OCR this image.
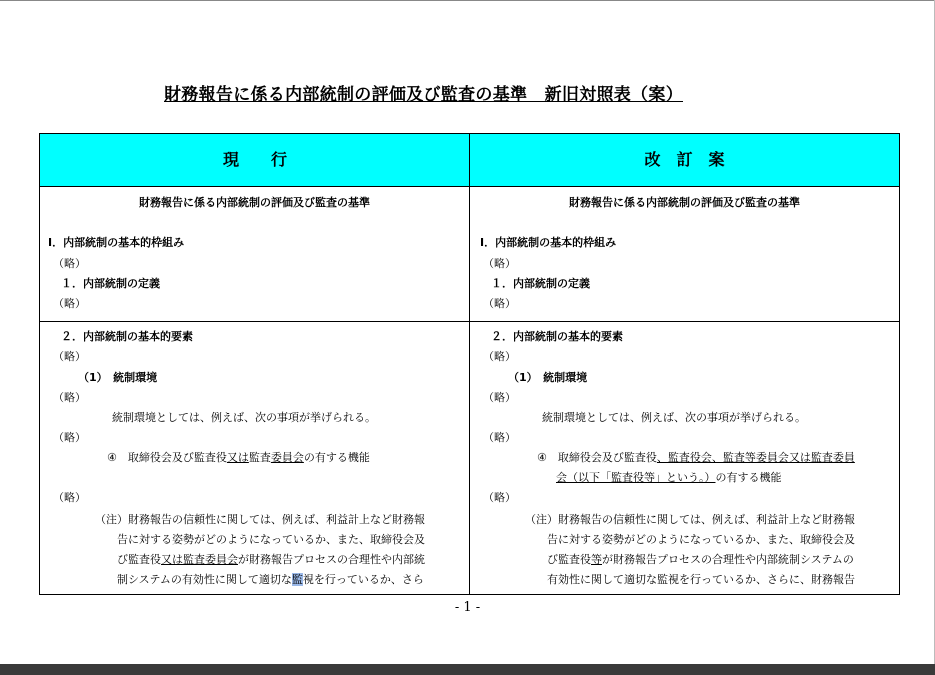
財務報告に係る内部統制の評価及び監査の基準　新旧対照表（案）
現　　行	改　訂　案
財務報告に係る内部統制の評価及び監査の基準
Ⅰ．内部統制の基本的枠組み
（略）
１．内部統制の定義
（略）
２．内部統制の基本的要素
（略）
（1）　統制環境
（略）
統制環境としては、例えば、次の事項が挙げられる。
（略）
④　取締役会及び監査役又は監査委員会の有する機能
（略）
（注）財務報告の信頼性に関しては、例えば、利益計上など財務報
告に対する姿勢がどのようになっているか、また、取締役会及
び監査役又は監査委員会が財務報告プロセスの合理性や内部統
制システムの有効性に関して適切な監視を行っているか、さら
財務報告に係る内部統制の評価及び監査の基準
Ⅰ．内部統制の基本的枠組み
（略）
１．内部統制の定義
（略）
２．内部統制の基本的要素
（略）
（1）　統制環境
（略）
統制環境としては、例えば、次の事項が挙げられる。
（略）
④　取締役会及び監査役、監査役会、監査等委員会又は監査委員
会（以下「監査役等」という。）の有する機能
（略）
（注）財務報告の信頼性に関しては、例えば、利益計上など財務報
告に対する姿勢がどのようになっているか、また、取締役会及
び監査役等が財務報告プロセスの合理性や内部統制システムの
有効性に関して適切な監視を行っているか、さらに、財務報告
- 1 -
